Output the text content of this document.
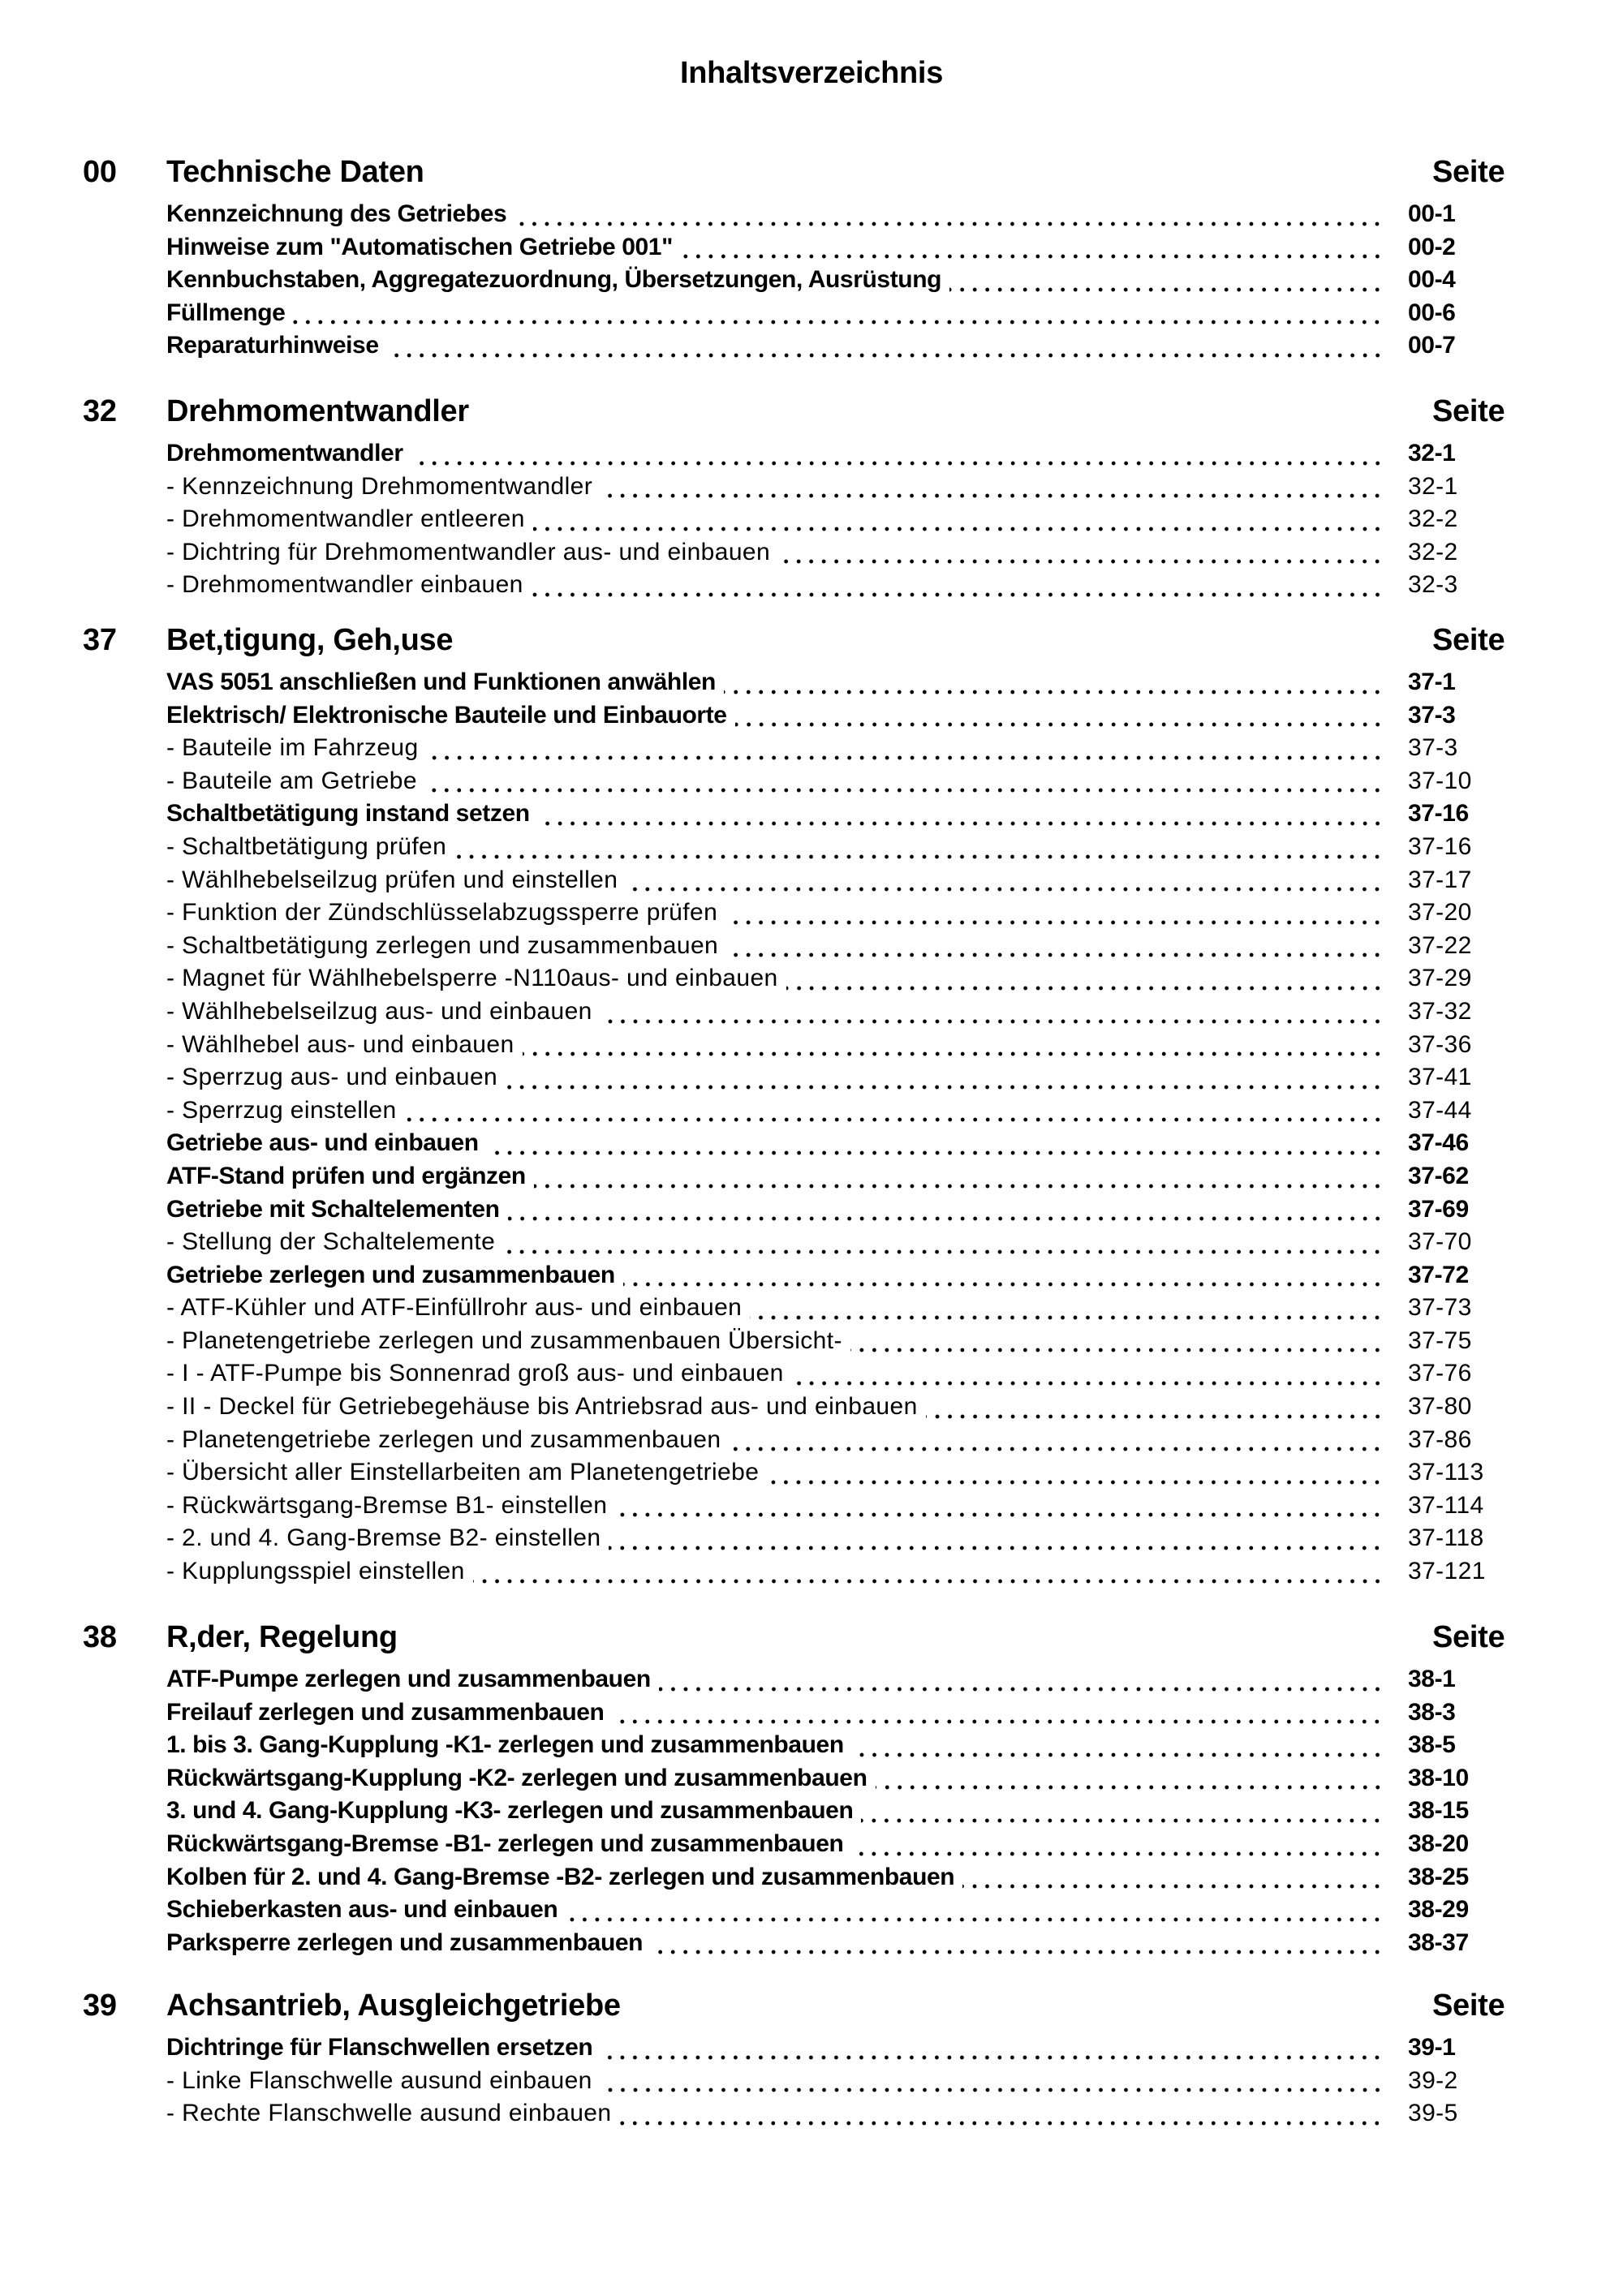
Inhaltsverzeichnis
00 Technische Daten	Seite
Kennzeichnung des Getriebes	00-1
Hinweise zum "Automatischen Getriebe 001"	00-2
Kennbuchstaben, Aggregatezuordnung, Übersetzungen, Ausrüstung	00-4
Füllmenge	00-6
Reparaturhinweise	00-7
32 Drehmomentwandler	Seite
Drehmomentwandler	32-1
- Kennzeichnung Drehmomentwandler	32-1
- Drehmomentwandler entleeren	32-2
- Dichtring für Drehmomentwandler aus- und einbauen	32-2
- Drehmomentwandler einbauen	32-3
37 Bet,tigung, Geh,use	Seite
VAS 5051 anschließen und Funktionen anwählen	37-1
Elektrisch/ Elektronische Bauteile und Einbauorte	37-3
- Bauteile im Fahrzeug	37-3
- Bauteile am Getriebe	37-10
Schaltbetätigung instand setzen	37-16
- Schaltbetätigung prüfen	37-16
- Wählhebelseilzug prüfen und einstellen	37-17
- Funktion der Zündschlüsselabzugssperre prüfen	37-20
- Schaltbetätigung zerlegen und zusammenbauen	37-22
- Magnet für Wählhebelsperre -N110aus- und einbauen	37-29
- Wählhebelseilzug aus- und einbauen	37-32
- Wählhebel aus- und einbauen	37-36
- Sperrzug aus- und einbauen	37-41
- Sperrzug einstellen	37-44
Getriebe aus- und einbauen	37-46
ATF-Stand prüfen und ergänzen	37-62
Getriebe mit Schaltelementen	37-69
- Stellung der Schaltelemente	37-70
Getriebe zerlegen und zusammenbauen	37-72
- ATF-Kühler und ATF-Einfüllrohr aus- und einbauen	37-73
- Planetengetriebe zerlegen und zusammenbauen Übersicht-	37-75
- I - ATF-Pumpe bis Sonnenrad groß aus- und einbauen	37-76
- II - Deckel für Getriebegehäuse bis Antriebsrad aus- und einbauen	37-80
- Planetengetriebe zerlegen und zusammenbauen	37-86
- Übersicht aller Einstellarbeiten am Planetengetriebe	37-113
- Rückwärtsgang-Bremse B1- einstellen	37-114
- 2. und 4. Gang-Bremse B2- einstellen	37-118
- Kupplungsspiel einstellen	37-121
38 R,der, Regelung	Seite
ATF-Pumpe zerlegen und zusammenbauen	38-1
Freilauf zerlegen und zusammenbauen	38-3
1. bis 3. Gang-Kupplung -K1- zerlegen und zusammenbauen	38-5
Rückwärtsgang-Kupplung -K2- zerlegen und zusammenbauen	38-10
3. und 4. Gang-Kupplung -K3- zerlegen und zusammenbauen	38-15
Rückwärtsgang-Bremse -B1- zerlegen und zusammenbauen	38-20
Kolben für 2. und 4. Gang-Bremse -B2- zerlegen und zusammenbauen	38-25
Schieberkasten aus- und einbauen	38-29
Parksperre zerlegen und zusammenbauen	38-37
39 Achsantrieb, Ausgleichgetriebe	Seite
Dichtringe für Flanschwellen ersetzen	39-1
- Linke Flanschwelle ausund einbauen	39-2
- Rechte Flanschwelle ausund einbauen	39-5
